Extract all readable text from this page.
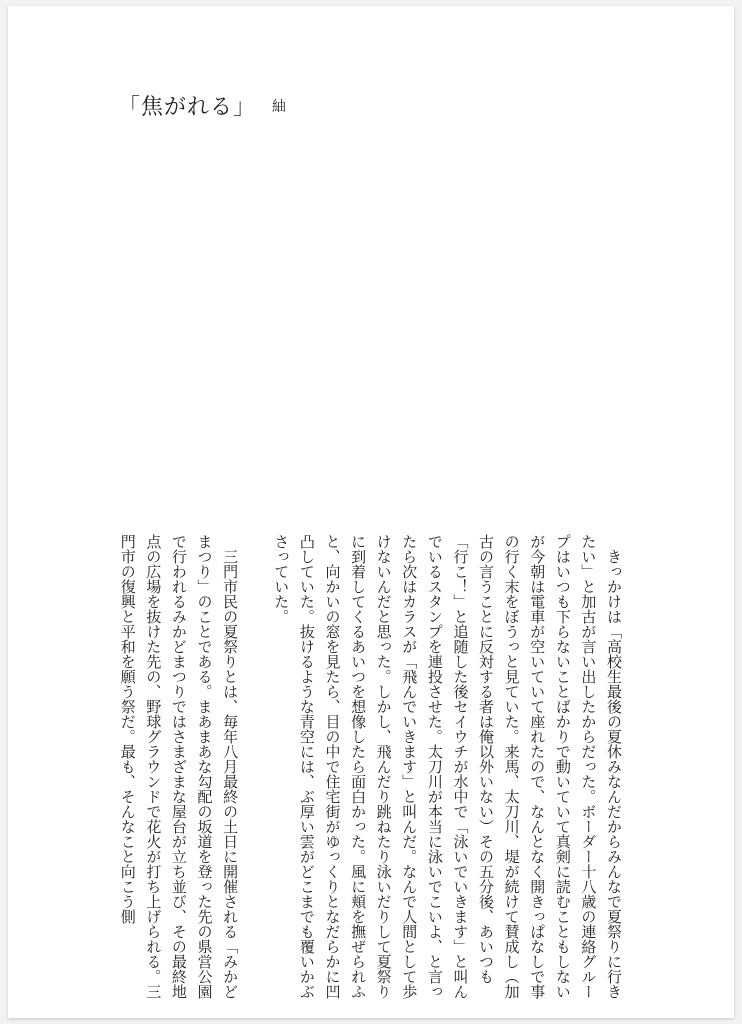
「焦がれる」 紬

きっかけは「高校生最後の夏休みなんだからみんなで夏祭りに行きたい」と加古が言い出したからだった。ボーダー十八歳の連絡グループはいつも下らないことばかりで動いていて真剣に読むこともしないが今朝は電車が空いていて座れたので、なんとなく開きっぱなしで事の行く末をぼうっと見ていた。来馬、太刀川、堤が続けて賛成し（加古の言うことに反対する者は俺以外いない）その五分後、あいつも「行こ！」と追随した後セイウチが水中で「泳いでいきます」と叫んでいるスタンプを連投させた。太刀川が本当に泳いでこいよ、と言ったら次はカラスが「飛んでいきます」と叫んだ。なんで人間として歩けないんだと思った。しかし、飛んだり跳ねたり泳いだりして夏祭りに到着してくるあいつを想像したら面白かった。風に頬を撫ぜられふと、向かいの窓を見たら、目の中で住宅街がゆっくりとなだらかに凹凸していた。抜けるような青空には、ぶ厚い雲がどこまでも覆いかぶさっていた。

三門市民の夏祭りとは、毎年八月最終の土日に開催される「みかどまつり」のことである。まあまあな勾配の坂道を登った先の県営公園で行われるみかどまつりではさまざまな屋台が立ち並び、その最終地点の広場を抜けた先の、野球グラウンドで花火が打ち上げられる。三門市の復興と平和を願う祭だ。最も、そんなこと向こう側
